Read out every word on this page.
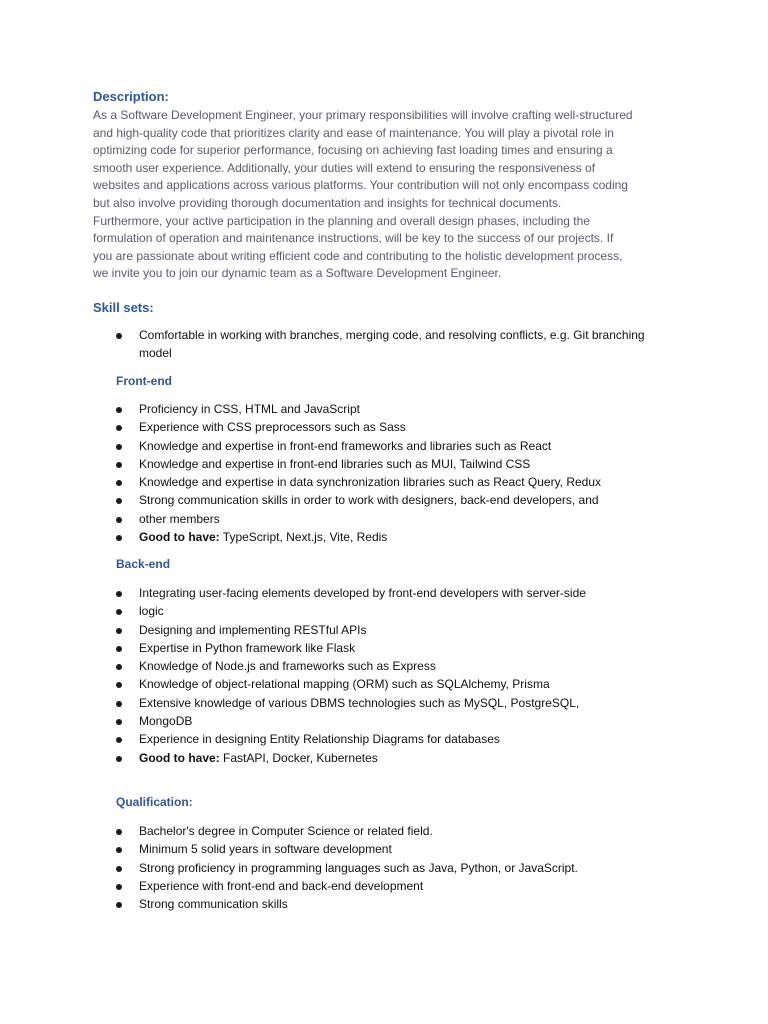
Description:
As a Software Development Engineer, your primary responsibilities will involve crafting well-structured
and high-quality code that prioritizes clarity and ease of maintenance. You will play a pivotal role in
optimizing code for superior performance, focusing on achieving fast loading times and ensuring a
smooth user experience. Additionally, your duties will extend to ensuring the responsiveness of
websites and applications across various platforms. Your contribution will not only encompass coding
but also involve providing thorough documentation and insights for technical documents.
Furthermore, your active participation in the planning and overall design phases, including the
formulation of operation and maintenance instructions, will be key to the success of our projects. If
you are passionate about writing efficient code and contributing to the holistic development process,
we invite you to join our dynamic team as a Software Development Engineer.
Skill sets:
Comfortable in working with branches, merging code, and resolving conflicts, e.g. Git branching model
Front-end
Proficiency in CSS, HTML and JavaScript
Experience with CSS preprocessors such as Sass
Knowledge and expertise in front-end frameworks and libraries such as React
Knowledge and expertise in front-end libraries such as MUI, Tailwind CSS
Knowledge and expertise in data synchronization libraries such as React Query, Redux
Strong communication skills in order to work with designers, back-end developers, and
other members
Good to have: TypeScript, Next.js, Vite, Redis
Back-end
Integrating user-facing elements developed by front-end developers with server-side
logic
Designing and implementing RESTful APIs
Expertise in Python framework like Flask
Knowledge of Node.js and frameworks such as Express
Knowledge of object-relational mapping (ORM) such as SQLAlchemy, Prisma
Extensive knowledge of various DBMS technologies such as MySQL, PostgreSQL,
MongoDB
Experience in designing Entity Relationship Diagrams for databases
Good to have: FastAPI, Docker, Kubernetes
Qualification:
Bachelor's degree in Computer Science or related field.
Minimum 5 solid years in software development
Strong proficiency in programming languages such as Java, Python, or JavaScript.
Experience with front-end and back-end development
Strong communication skills
